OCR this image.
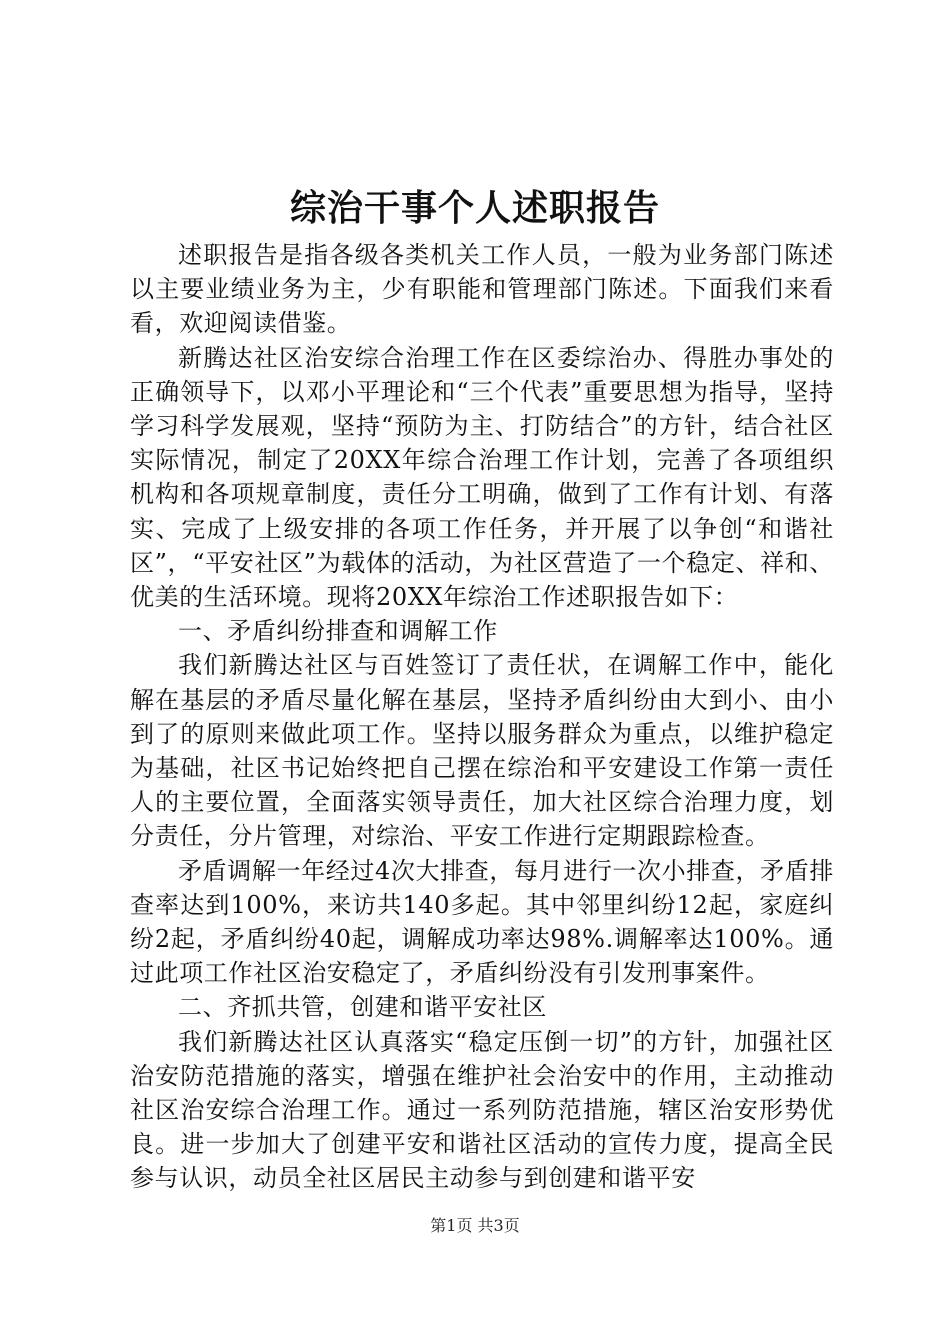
综治干事个人述职报告

述职报告是指各级各类机关工作人员，一般为业务部门陈述以主要业绩业务为主，少有职能和管理部门陈述。下面我们来看看，欢迎阅读借鉴。

新腾达社区治安综合治理工作在区委综治办、得胜办事处的正确领导下，以邓小平理论和“三个代表”重要思想为指导，坚持学习科学发展观，坚持“预防为主、打防结合”的方针，结合社区实际情况，制定了20XX年综合治理工作计划，完善了各项组织机构和各项规章制度，责任分工明确，做到了工作有计划、有落实、完成了上级安排的各项工作任务，并开展了以争创“和谐社区”，“平安社区”为载体的活动，为社区营造了一个稳定、祥和、优美的生活环境。现将20XX年综治工作述职报告如下：

一、矛盾纠纷排查和调解工作

我们新腾达社区与百姓签订了责任状，在调解工作中，能化解在基层的矛盾尽量化解在基层，坚持矛盾纠纷由大到小、由小到了的原则来做此项工作。坚持以服务群众为重点，以维护稳定为基础，社区书记始终把自己摆在综治和平安建设工作第一责任人的主要位置，全面落实领导责任，加大社区综合治理力度，划分责任，分片管理，对综治、平安工作进行定期跟踪检查。

矛盾调解一年经过4次大排查，每月进行一次小排查，矛盾排查率达到100%，来访共140多起。其中邻里纠纷12起，家庭纠纷2起，矛盾纠纷40起，调解成功率达98%.调解率达100%。通过此项工作社区治安稳定了，矛盾纠纷没有引发刑事案件。

二、齐抓共管，创建和谐平安社区

我们新腾达社区认真落实“稳定压倒一切”的方针，加强社区治安防范措施的落实，增强在维护社会治安中的作用，主动推动社区治安综合治理工作。通过一系列防范措施，辖区治安形势优良。进一步加大了创建平安和谐社区活动的宣传力度，提高全民参与认识，动员全社区居民主动参与到创建和谐平安

第1页 共3页
